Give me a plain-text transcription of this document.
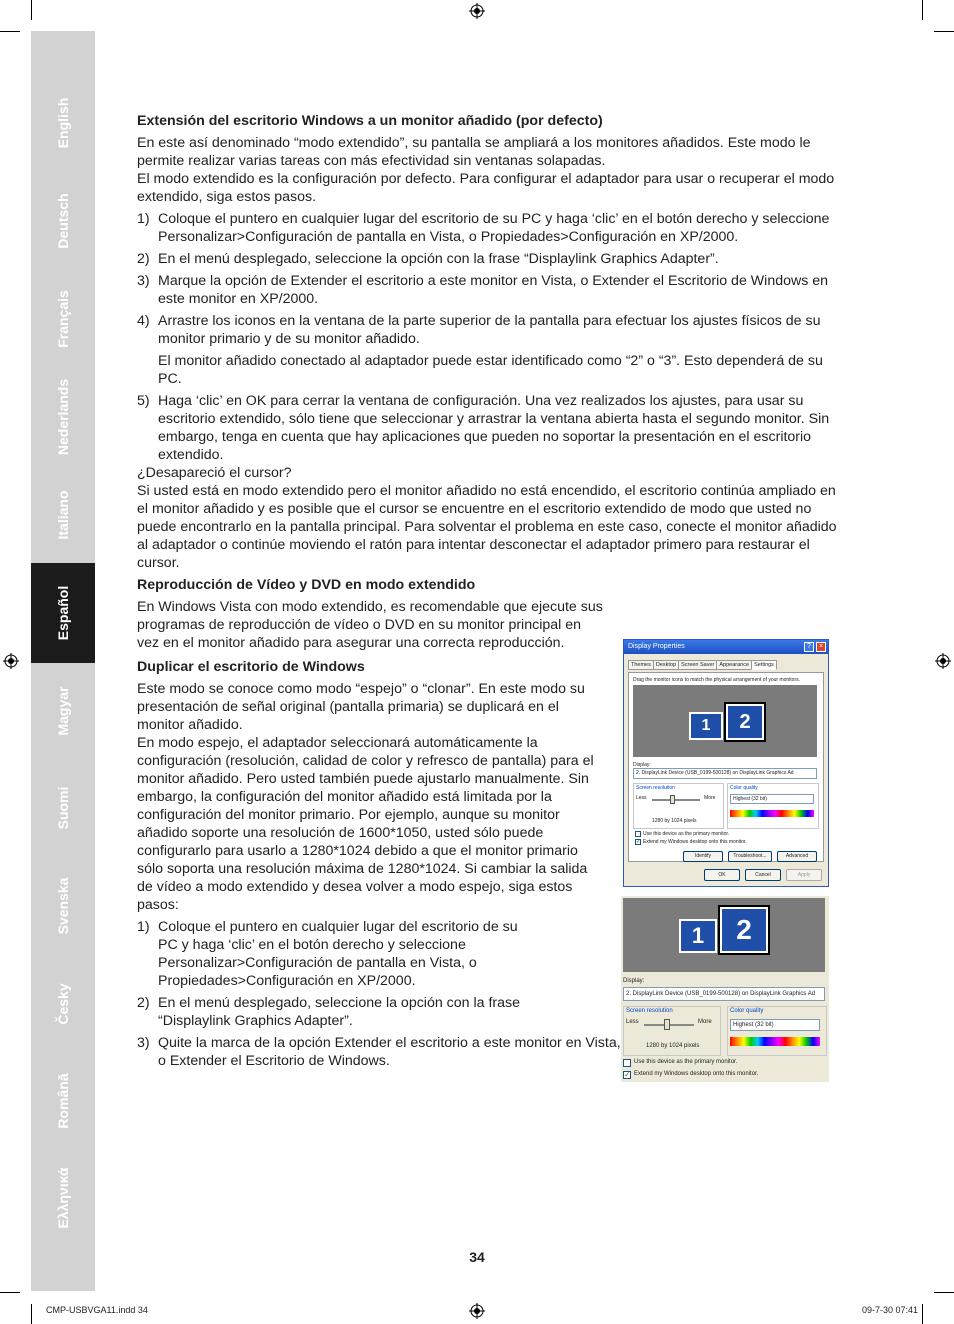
English
Deutsch
Français
Nederlands
Italiano
Español
Magyar
Suomi
Svenska
Česky
Română
Ελληνικά

Extensión del escritorio Windows a un monitor añadido (por defecto)

En este así denominado “modo extendido”, su pantalla se ampliará a los monitores añadidos. Este modo le permite realizar varias tareas con más efectividad sin ventanas solapadas.

El modo extendido es la configuración por defecto. Para configurar el adaptador para usar o recuperar el modo extendido, siga estos pasos.

1) Coloque el puntero en cualquier lugar del escritorio de su PC y haga ‘clic’ en el botón derecho y seleccione Personalizar>Configuración de pantalla en Vista, o Propiedades>Configuración en XP/2000.
2) En el menú desplegado, seleccione la opción con la frase “Displaylink Graphics Adapter”.
3) Marque la opción de Extender el escritorio a este monitor en Vista, o Extender el Escritorio de Windows en este monitor en XP/2000.
4) Arrastre los iconos en la ventana de la parte superior de la pantalla para efectuar los ajustes físicos de su monitor primario y de su monitor añadido.

El monitor añadido conectado al adaptador puede estar identificado como “2” o “3”. Esto dependerá de su PC.

5) Haga ‘clic’ en OK para cerrar la ventana de configuración. Una vez realizados los ajustes, para usar su escritorio extendido, sólo tiene que seleccionar y arrastrar la ventana abierta hasta el segundo monitor. Sin embargo, tenga en cuenta que hay aplicaciones que pueden no soportar la presentación en el escritorio extendido.

¿Desapareció el cursor?

Si usted está en modo extendido pero el monitor añadido no está encendido, el escritorio continúa ampliado en el monitor añadido y es posible que el cursor se encuentre en el escritorio extendido de modo que usted no puede encontrarlo en la pantalla principal. Para solventar el problema en este caso, conecte el monitor añadido al adaptador o continúe moviendo el ratón para intentar desconectar el adaptador primero para restaurar el cursor.

Reproducción de Vídeo y DVD en modo extendido

En Windows Vista con modo extendido, es recomendable que ejecute sus programas de reproducción de vídeo o DVD en su monitor principal en vez en el monitor añadido para asegurar una correcta reproducción.

Duplicar el escritorio de Windows

Este modo se conoce como modo “espejo” o “clonar”. En este modo su presentación de señal original (pantalla primaria) se duplicará en el monitor añadido.

En modo espejo, el adaptador seleccionará automáticamente la configuración (resolución, calidad de color y refresco de pantalla) para el monitor añadido. Pero usted también puede ajustarlo manualmente. Sin embargo, la configuración del monitor añadido está limitada por la configuración del monitor primario. Por ejemplo, aunque su monitor añadido soporte una resolución de 1600*1050, usted sólo puede configurarlo para usarlo a 1280*1024 debido a que el monitor primario sólo soporta una resolución máxima de 1280*1024. Si cambiar la salida de vídeo a modo extendido y desea volver a modo espejo, siga estos pasos:

1) Coloque el puntero en cualquier lugar del escritorio de su PC y haga ‘clic’ en el botón derecho y seleccione Personalizar>Configuración de pantalla en Vista, o Propiedades>Configuración en XP/2000.
2) En el menú desplegado, seleccione la opción con la frase “Displaylink Graphics Adapter”.
3) Quite la marca de la opción Extender el escritorio a este monitor en Vista, o Extender el Escritorio de Windows.
Display Properties	?	×
Themes Desktop Screen Saver Appearance Settings
Drag the monitor icons to match the physical arrangement of your monitors.
1	2
Display:
2. DisplayLink Device (USB_0199-500128) on DisplayLink Graphics Ad
Screen resolution
Less	More
1280 by 1024 pixels
Color quality
Highest (32 bit)
Use this device as the primary monitor.
✓ Extend my Windows desktop onto this monitor.
Identify	Troubleshoot...	Advanced
OK	Cancel	Apply
1	2
Display:
2. DisplayLink Device (USB_0199-500128) on DisplayLink Graphics Ad
Screen resolution
Less	More
1280 by 1024 pixels
Color quality
Highest (32 bit)
Use this device as the primary monitor.
✓ Extend my Windows desktop onto this monitor.
34
CMP-USBVGA11.indd 34	09-7-30 07:41
